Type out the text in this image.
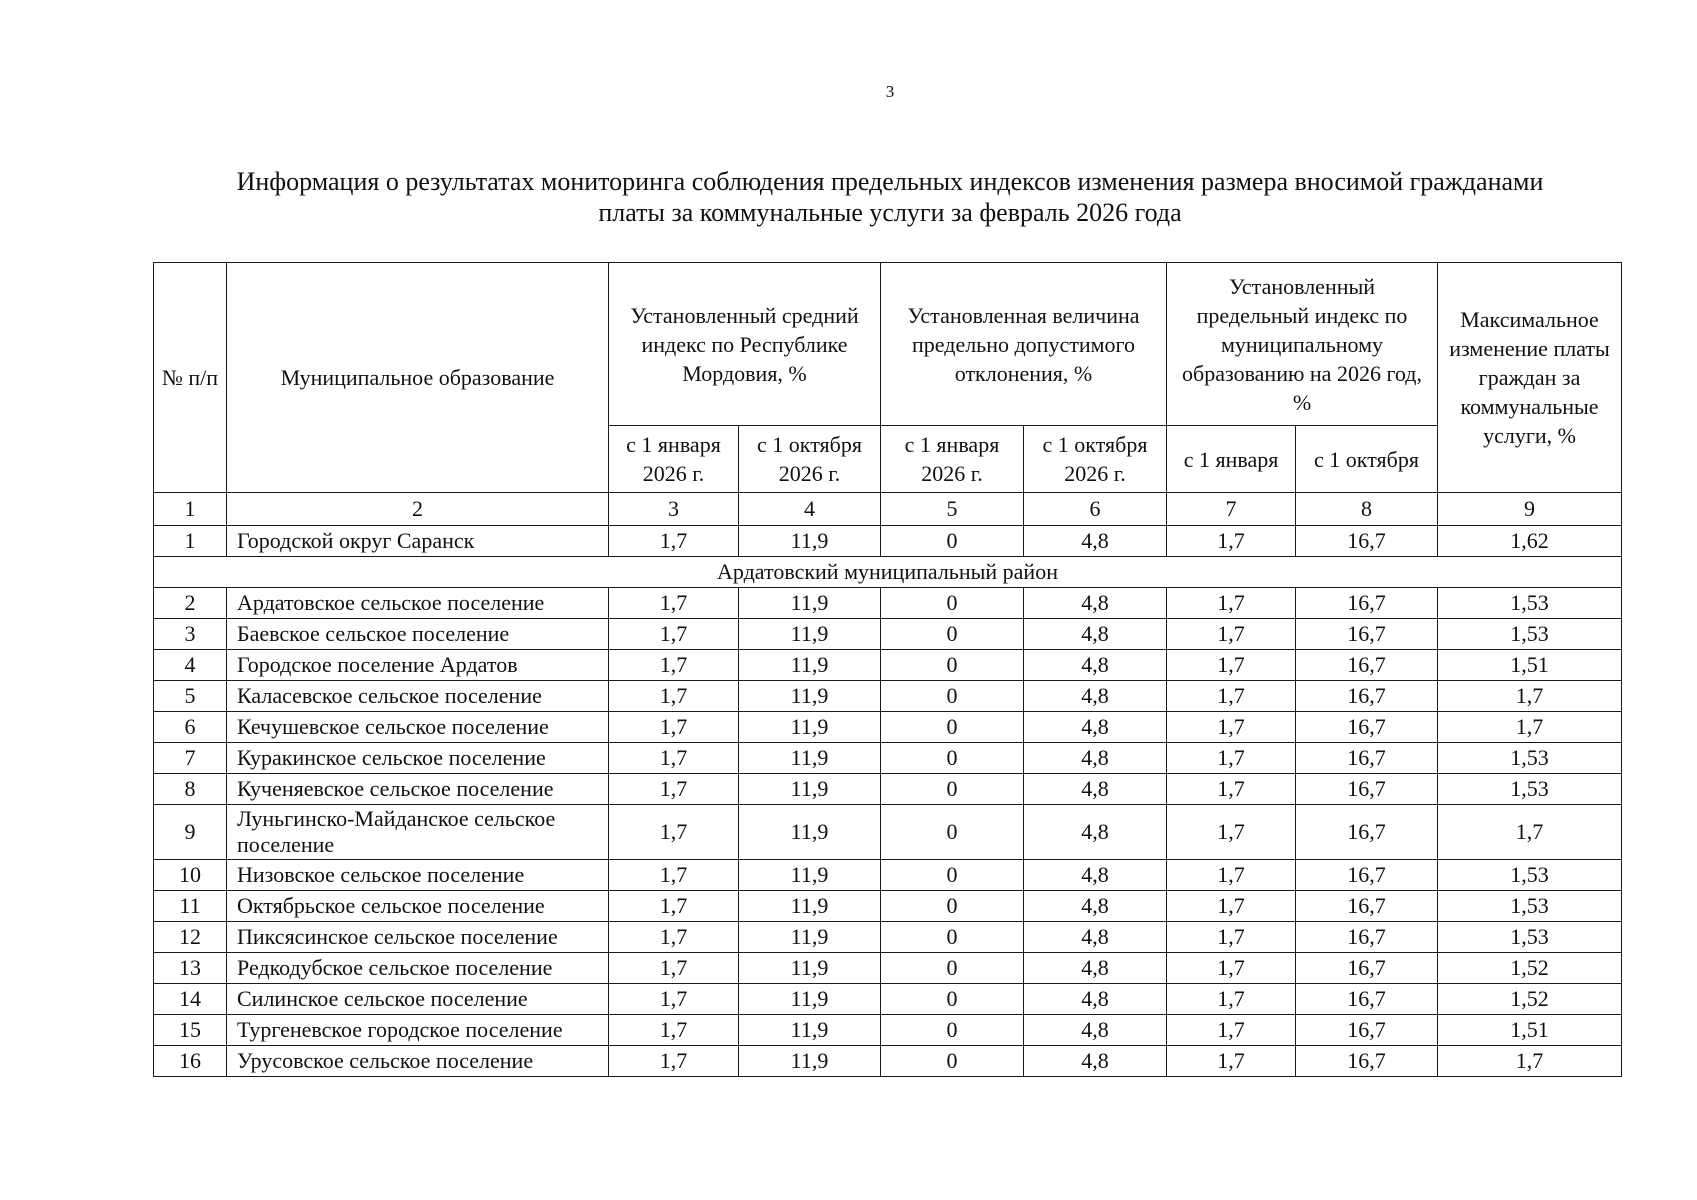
3
Информация о результатах мониторинга соблюдения предельных индексов изменения размера вносимой гражданами
платы за коммунальные услуги за февраль 2026 года
№ п/п	Муниципальное образование	Установленный средний индекс по Республике Мордовия, %		Установленная величина предельно допустимого отклонения, %		Установленный предельный индекс по муниципальному образованию на 2026 год, %		Максимальное изменение платы граждан за коммунальные услуги, %
		с 1 января 2026 г.	с 1 октября 2026 г.	с 1 января 2026 г.	с 1 октября 2026 г.	с 1 января	с 1 октября	
1	2	3	4	5	6	7	8	9
1	Городской округ Саранск	1,7	11,9	0	4,8	1,7	16,7	1,62
Ардатовский муниципальный район								
2	Ардатовское сельское поселение	1,7	11,9	0	4,8	1,7	16,7	1,53
3	Баевское сельское поселение	1,7	11,9	0	4,8	1,7	16,7	1,53
4	Городское поселение Ардатов	1,7	11,9	0	4,8	1,7	16,7	1,51
5	Каласевское сельское поселение	1,7	11,9	0	4,8	1,7	16,7	1,7
6	Кечушевское сельское поселение	1,7	11,9	0	4,8	1,7	16,7	1,7
7	Куракинское сельское поселение	1,7	11,9	0	4,8	1,7	16,7	1,53
8	Кученяевское сельское поселение	1,7	11,9	0	4,8	1,7	16,7	1,53
9	Луньгинско-Майданское сельское поселение	1,7	11,9	0	4,8	1,7	16,7	1,7
10	Низовское сельское поселение	1,7	11,9	0	4,8	1,7	16,7	1,53
11	Октябрьское сельское поселение	1,7	11,9	0	4,8	1,7	16,7	1,53
12	Пиксясинское сельское поселение	1,7	11,9	0	4,8	1,7	16,7	1,53
13	Редкодубское сельское поселение	1,7	11,9	0	4,8	1,7	16,7	1,52
14	Силинское сельское поселение	1,7	11,9	0	4,8	1,7	16,7	1,52
15	Тургеневское городское поселение	1,7	11,9	0	4,8	1,7	16,7	1,51
16	Урусовское сельское поселение	1,7	11,9	0	4,8	1,7	16,7	1,7
